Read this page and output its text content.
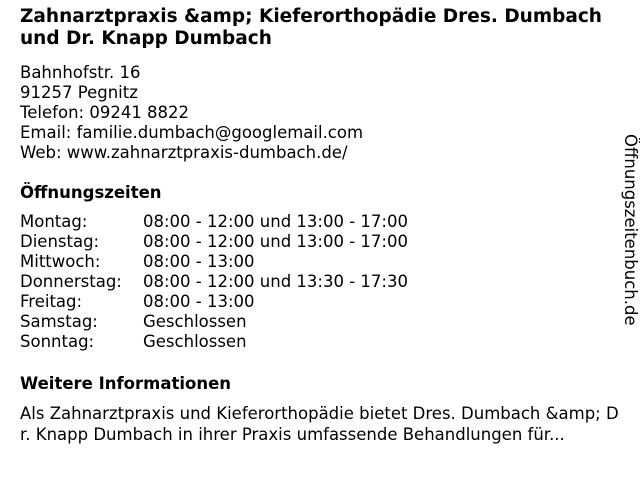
Zahnarztpraxis &amp; Kieferorthopädie Dres. Dumbach und Dr. Knapp Dumbach
Bahnhofstr. 16
91257 Pegnitz
Telefon: 09241 8822
Email: familie.dumbach@googlemail.com
Web: www.zahnarztpraxis-dumbach.de/
Öffnungszeiten
Montag:	08:00 - 12:00 und 13:00 - 17:00
Dienstag:	08:00 - 12:00 und 13:00 - 17:00
Mittwoch:	08:00 - 13:00
Donnerstag:	08:00 - 12:00 und 13:30 - 17:30
Freitag:	08:00 - 13:00
Samstag:	Geschlossen
Sonntag:	Geschlossen
Weitere Informationen
Als Zahnarztpraxis und Kieferorthopädie bietet Dres. Dumbach &amp; Dr. Knapp Dumbach in ihrer Praxis umfassende Behandlungen für...
Öffnungszeitenbuch.de
